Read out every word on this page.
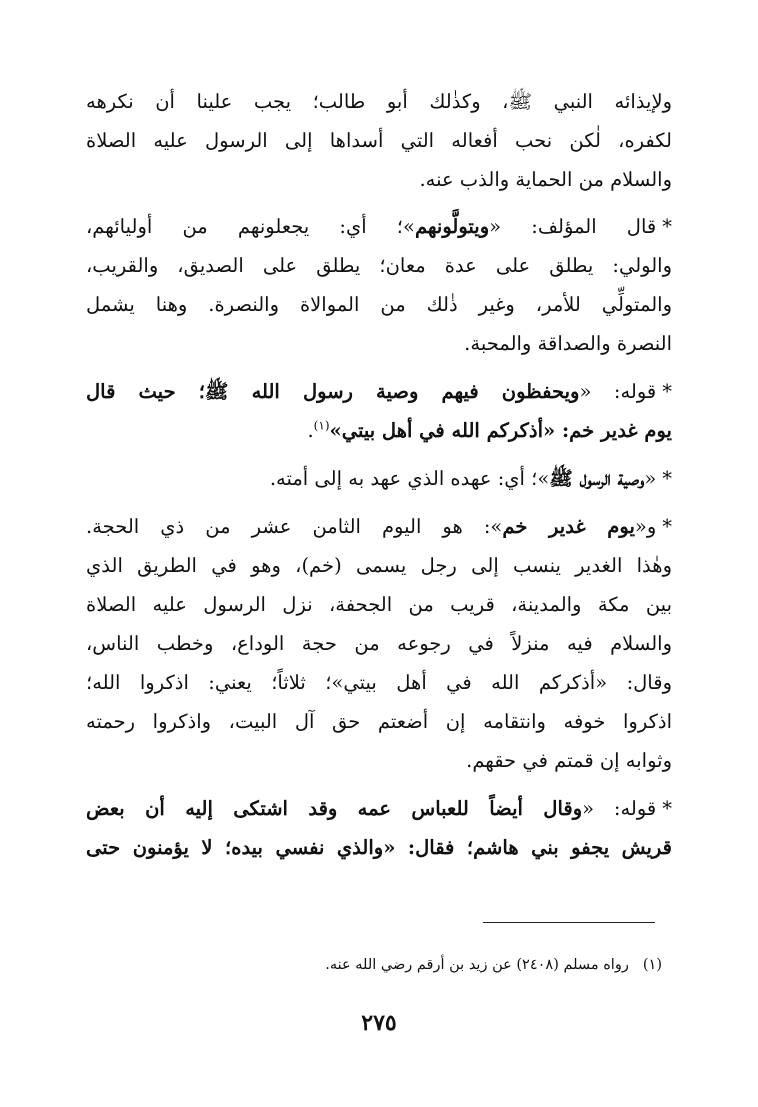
ولإيذائه النبي ﷺ، وكذٰلك أبو طالب؛ يجب علينا أن نكرهه
لكفره، لٰكن نحب أفعاله التي أسداها إلى الرسول عليه الصلاة
والسلام من الحماية والذب عنه.
*قال المؤلف: «ويتولَّونهم»؛ أي: يجعلونهم من أوليائهم،
والولي: يطلق على عدة معان؛ يطلق على الصديق، والقريب،
والمتولِّي للأمر، وغير ذٰلك من الموالاة والنصرة. وهنا يشمل
النصرة والصداقة والمحبة.
*قوله: «ويحفظون فيهم وصية رسول الله ﷺ؛ حيث قال
يوم غدير خم: «أذكركم الله في أهل بيتي»$^{(١)}$.
*«وصية الرسول ﷺ»؛ أي: عهده الذي عهد به إلى أمته.
*و«يوم غدير خم»: هو اليوم الثامن عشر من ذي الحجة.
وهٰذا الغدير ينسب إلى رجل يسمى (خم)، وهو في الطريق الذي
بين مكة والمدينة، قريب من الجحفة، نزل الرسول عليه الصلاة
والسلام فيه منزلاً في رجوعه من حجة الوداع، وخطب الناس،
وقال: «أذكركم الله في أهل بيتي»؛ ثلاثاً؛ يعني: اذكروا الله؛
اذكروا خوفه وانتقامه إن أضعتم حق آل البيت، واذكروا رحمته
وثوابه إن قمتم في حقهم.
*قوله: «وقال أيضاً للعباس عمه وقد اشتكى إليه أن بعض
قريش يجفو بني هاشم؛ فقال: «والذي نفسي بيده؛ لا يؤمنون حتى
(١)رواه مسلم (٢٤٠٨) عن زيد بن أرقم رضي الله عنه.
٢٧٥
